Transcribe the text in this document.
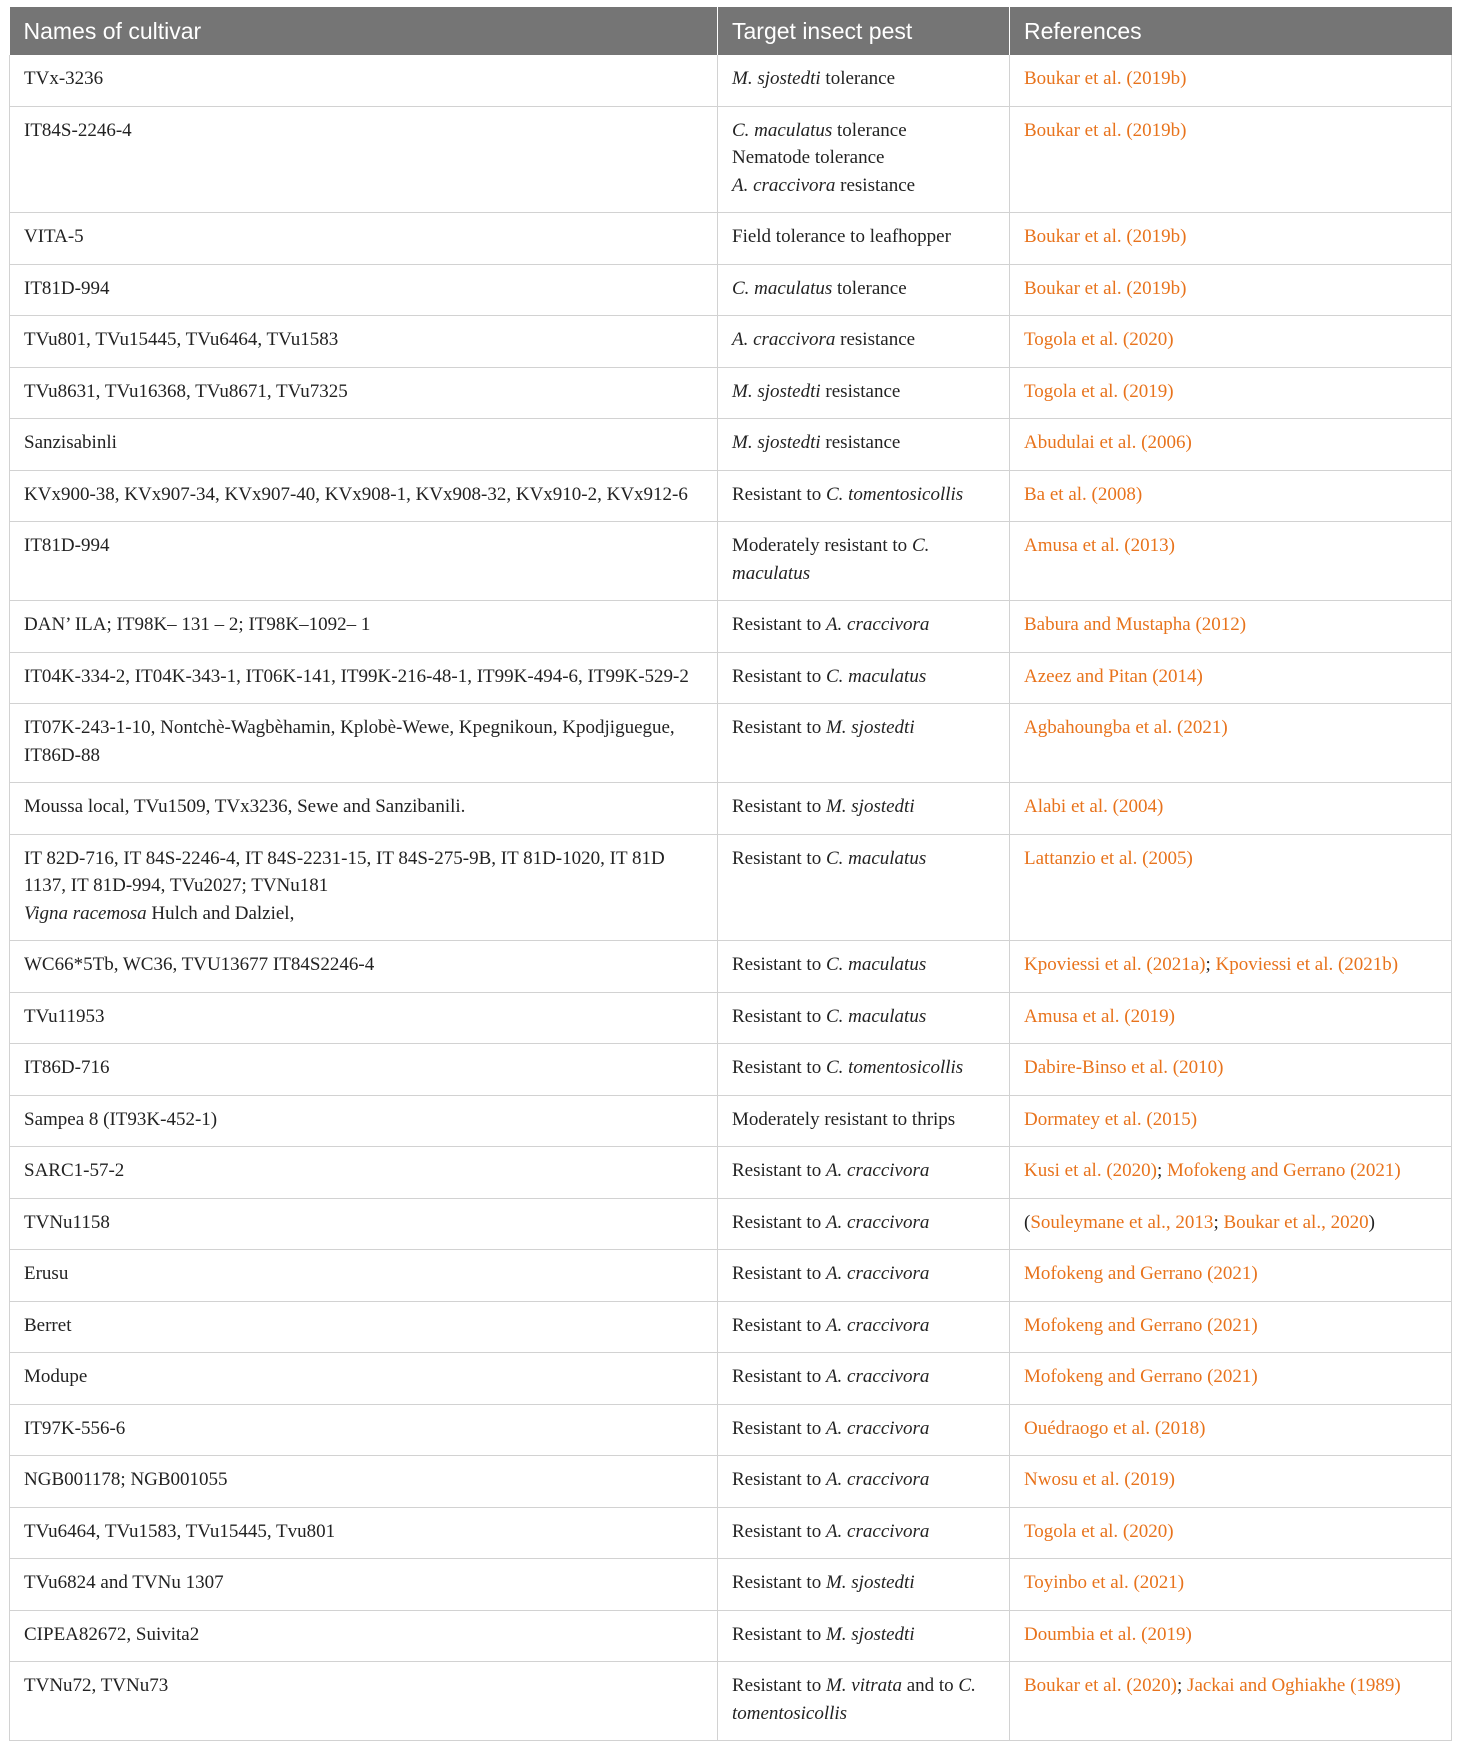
Names of cultivar	Target insect pest	References
TVx-3236	M. sjostedti tolerance	Boukar et al. (2019b)
IT84S-2246-4	C. maculatus tolerance
Nematode tolerance
A. craccivora resistance	Boukar et al. (2019b)
VITA-5	Field tolerance to leafhopper	Boukar et al. (2019b)
IT81D-994	C. maculatus tolerance	Boukar et al. (2019b)
TVu801, TVu15445, TVu6464, TVu1583	A. craccivora resistance	Togola et al. (2020)
TVu8631, TVu16368, TVu8671, TVu7325	M. sjostedti resistance	Togola et al. (2019)
Sanzisabinli	M. sjostedti resistance	Abudulai et al. (2006)
KVx900-38, KVx907-34, KVx907-40, KVx908-1, KVx908-32, KVx910-2, KVx912-6	Resistant to C. tomentosicollis	Ba et al. (2008)
IT81D-994	Moderately resistant to C. maculatus	Amusa et al. (2013)
DAN’ ILA; IT98K– 131 – 2; IT98K–1092– 1	Resistant to A. craccivora	Babura and Mustapha (2012)
IT04K-334-2, IT04K-343-1, IT06K-141, IT99K-216-48-1, IT99K-494-6, IT99K-529-2	Resistant to C. maculatus	Azeez and Pitan (2014)
IT07K-243-1-10, Nontchè-Wagbèhamin, Kplobè-Wewe, Kpegnikoun, Kpodjiguegue, IT86D-88	Resistant to M. sjostedti	Agbahoungba et al. (2021)
Moussa local, TVu1509, TVx3236, Sewe and Sanzibanili.	Resistant to M. sjostedti	Alabi et al. (2004)
IT 82D-716, IT 84S-2246-4, IT 84S-2231-15, IT 84S-275-9B, IT 81D-1020, IT 81D 1137, IT 81D-994, TVu2027; TVNu181
Vigna racemosa Hulch and Dalziel,	Resistant to C. maculatus	Lattanzio et al. (2005)
WC66*5Tb, WC36, TVU13677 IT84S2246-4	Resistant to C. maculatus	Kpoviessi et al. (2021a); Kpoviessi et al. (2021b)
TVu11953	Resistant to C. maculatus	Amusa et al. (2019)
IT86D-716	Resistant to C. tomentosicollis	Dabire-Binso et al. (2010)
Sampea 8 (IT93K-452-1)	Moderately resistant to thrips	Dormatey et al. (2015)
SARC1-57-2	Resistant to A. craccivora	Kusi et al. (2020); Mofokeng and Gerrano (2021)
TVNu1158	Resistant to A. craccivora	(Souleymane et al., 2013; Boukar et al., 2020)
Erusu	Resistant to A. craccivora	Mofokeng and Gerrano (2021)
Berret	Resistant to A. craccivora	Mofokeng and Gerrano (2021)
Modupe	Resistant to A. craccivora	Mofokeng and Gerrano (2021)
IT97K-556-6	Resistant to A. craccivora	Ouédraogo et al. (2018)
NGB001178; NGB001055	Resistant to A. craccivora	Nwosu et al. (2019)
TVu6464, TVu1583, TVu15445, Tvu801	Resistant to A. craccivora	Togola et al. (2020)
TVu6824 and TVNu 1307	Resistant to M. sjostedti	Toyinbo et al. (2021)
CIPEA82672, Suivita2	Resistant to M. sjostedti	Doumbia et al. (2019)
TVNu72, TVNu73	Resistant to M. vitrata and to C. tomentosicollis	Boukar et al. (2020); Jackai and Oghiakhe (1989)
